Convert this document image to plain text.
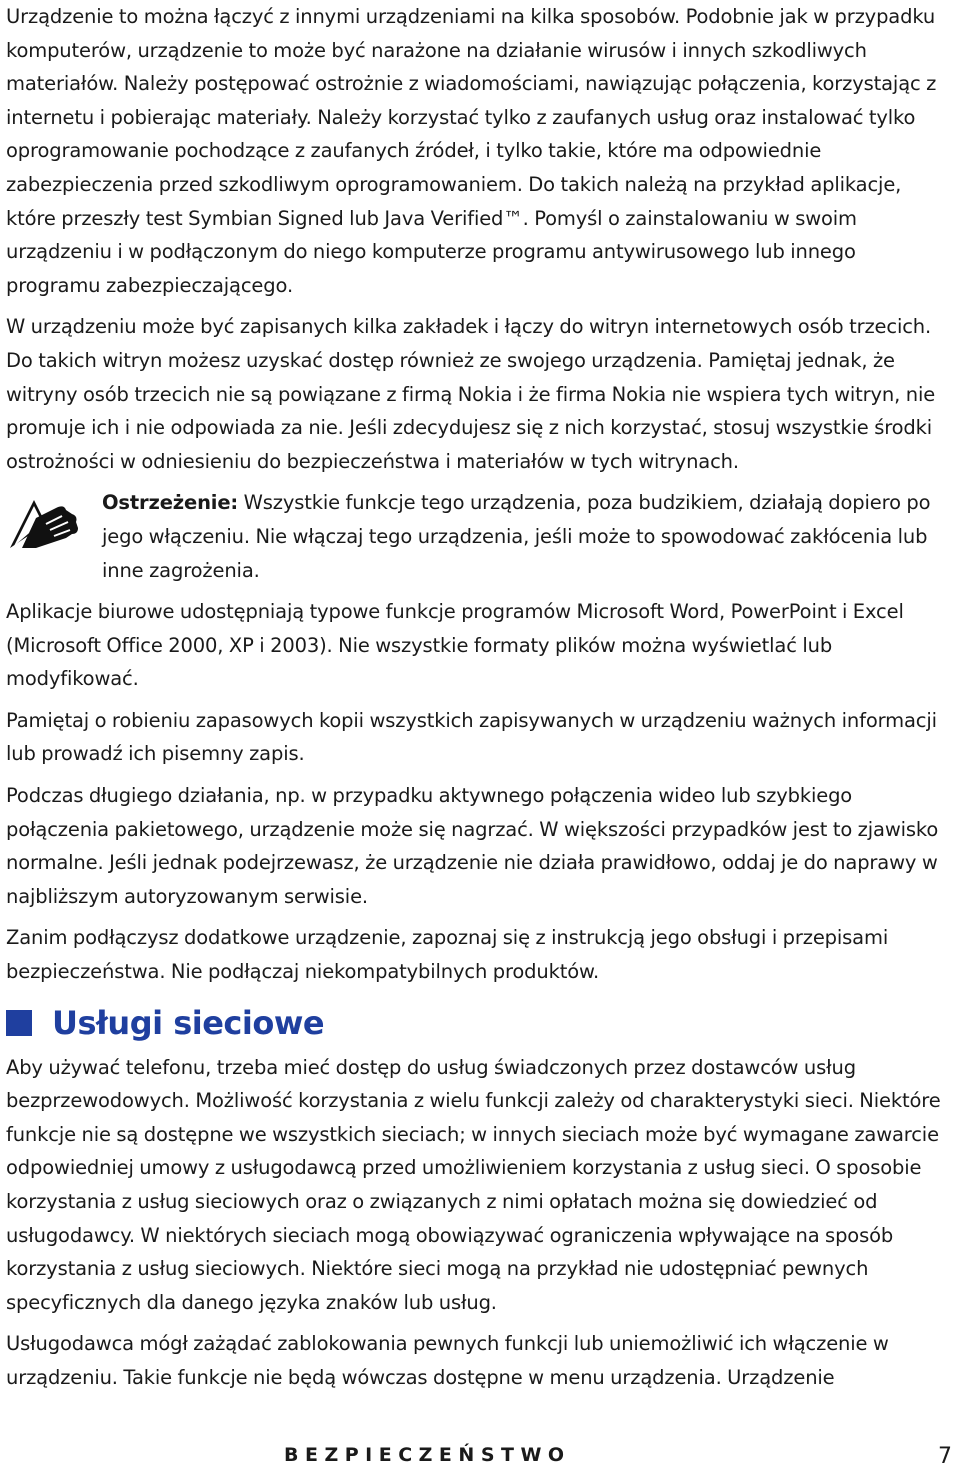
Urządzenie to można łączyć z innymi urządzeniami na kilka sposobów. Podobnie jak w przypadku komputerów, urządzenie to może być narażone na działanie wirusów i innych szkodliwych materiałów. Należy postępować ostrożnie z wiadomościami, nawiązując połączenia, korzystając z internetu i pobierając materiały. Należy korzystać tylko z zaufanych usług oraz instalować tylko oprogramowanie pochodzące z zaufanych źródeł, i tylko takie, które ma odpowiednie zabezpieczenia przed szkodliwym oprogramowaniem. Do takich należą na przykład aplikacje, które przeszły test Symbian Signed lub Java Verified™. Pomyśl o zainstalowaniu w swoim urządzeniu i w podłączonym do niego komputerze programu antywirusowego lub innego programu zabezpieczającego.

W urządzeniu może być zapisanych kilka zakładek i łączy do witryn internetowych osób trzecich. Do takich witryn możesz uzyskać dostęp również ze swojego urządzenia. Pamiętaj jednak, że witryny osób trzecich nie są powiązane z firmą Nokia i że firma Nokia nie wspiera tych witryn, nie promuje ich i nie odpowiada za nie. Jeśli zdecydujesz się z nich korzystać, stosuj wszystkie środki ostrożności w odniesieniu do bezpieczeństwa i materiałów w tych witrynach.

Ostrzeżenie: Wszystkie funkcje tego urządzenia, poza budzikiem, działają dopiero po jego włączeniu. Nie włączaj tego urządzenia, jeśli może to spowodować zakłócenia lub inne zagrożenia.

Aplikacje biurowe udostępniają typowe funkcje programów Microsoft Word, PowerPoint i Excel (Microsoft Office 2000, XP i 2003). Nie wszystkie formaty plików można wyświetlać lub modyfikować.

Pamiętaj o robieniu zapasowych kopii wszystkich zapisywanych w urządzeniu ważnych informacji lub prowadź ich pisemny zapis.

Podczas długiego działania, np. w przypadku aktywnego połączenia wideo lub szybkiego połączenia pakietowego, urządzenie może się nagrzać. W większości przypadków jest to zjawisko normalne. Jeśli jednak podejrzewasz, że urządzenie nie działa prawidłowo, oddaj je do naprawy w najbliższym autoryzowanym serwisie.

Zanim podłączysz dodatkowe urządzenie, zapoznaj się z instrukcją jego obsługi i przepisami bezpieczeństwa. Nie podłączaj niekompatybilnych produktów.

Usługi sieciowe

Aby używać telefonu, trzeba mieć dostęp do usług świadczonych przez dostawców usług bezprzewodowych. Możliwość korzystania z wielu funkcji zależy od charakterystyki sieci. Niektóre funkcje nie są dostępne we wszystkich sieciach; w innych sieciach może być wymagane zawarcie odpowiedniej umowy z usługodawcą przed umożliwieniem korzystania z usług sieci. O sposobie korzystania z usług sieciowych oraz o związanych z nimi opłatach można się dowiedzieć od usługodawcy. W niektórych sieciach mogą obowiązywać ograniczenia wpływające na sposób korzystania z usług sieciowych. Niektóre sieci mogą na przykład nie udostępniać pewnych specyficznych dla danego języka znaków lub usług.

Usługodawca mógł zażądać zablokowania pewnych funkcji lub uniemożliwić ich włączenie w urządzeniu. Takie funkcje nie będą wówczas dostępne w menu urządzenia. Urządzenie

BEZPIECZEŃSTWO	7
